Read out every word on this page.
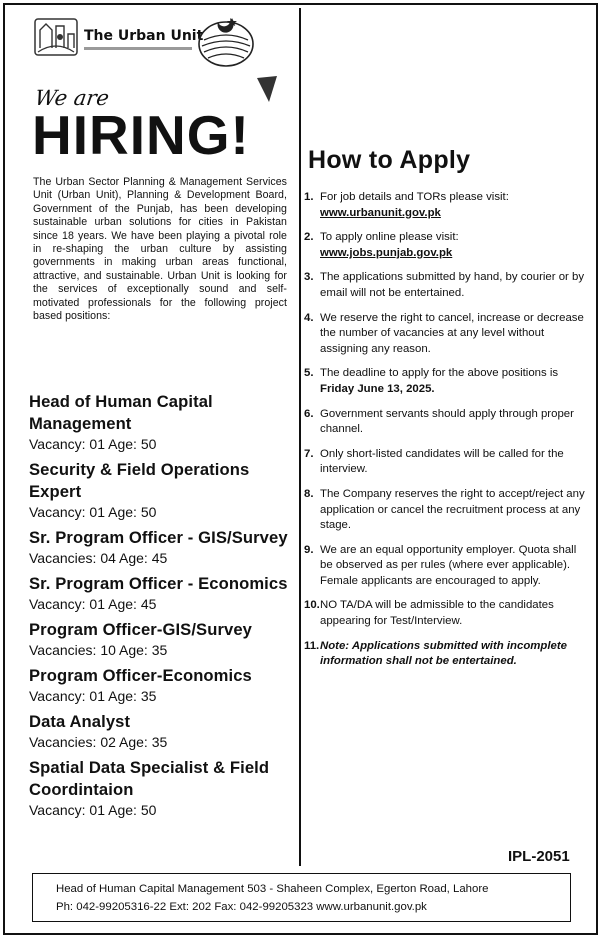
The Urban Unit
We are
HIRING!
The Urban Sector Planning & Management Services Unit (Urban Unit), Planning & Development Board, Government of the Punjab, has been developing sustainable urban solutions for cities in Pakistan since 18 years. We have been playing a pivotal role in re-shaping the urban culture by assisting governments in making urban areas functional, attractive, and sustainable. Urban Unit is looking for the services of exceptionally sound and self-motivated professionals for the following project based positions:
Head of Human Capital Management
Vacancy: 01 Age: 50
Security & Field Operations Expert
Vacancy: 01 Age: 50
Sr. Program Officer - GIS/Survey
Vacancies: 04 Age: 45
Sr. Program Officer - Economics
Vacancy: 01 Age: 45
Program Officer-GIS/Survey
Vacancies: 10 Age: 35
Program Officer-Economics
Vacancy: 01 Age: 35
Data Analyst
Vacancies: 02 Age: 35
Spatial Data Specialist & Field Coordintaion
Vacancy: 01 Age: 50
How to Apply
1. For job details and TORs please visit:
www.urbanunit.gov.pk
2. To apply online please visit:
www.jobs.punjab.gov.pk
3. The applications submitted by hand, by courier or by email will not be entertained.
4. We reserve the right to cancel, increase or decrease the number of vacancies at any level without assigning any reason.
5. The deadline to apply for the above positions is Friday June 13, 2025.
6. Government servants should apply through proper channel.
7. Only short-listed candidates will be called for the interview.
8. The Company reserves the right to accept/reject any application or cancel the recruitment process at any stage.
9. We are an equal opportunity employer. Quota shall be observed as per rules (where ever applicable). Female applicants are encouraged to apply.
10. NO TA/DA will be admissible to the candidates appearing for Test/Interview.
11. Note: Applications submitted with incomplete information shall not be entertained.
IPL-2051
Head of Human Capital Management 503 - Shaheen Complex, Egerton Road, Lahore
Ph: 042-99205316-22 Ext: 202 Fax: 042-99205323 www.urbanunit.gov.pk
